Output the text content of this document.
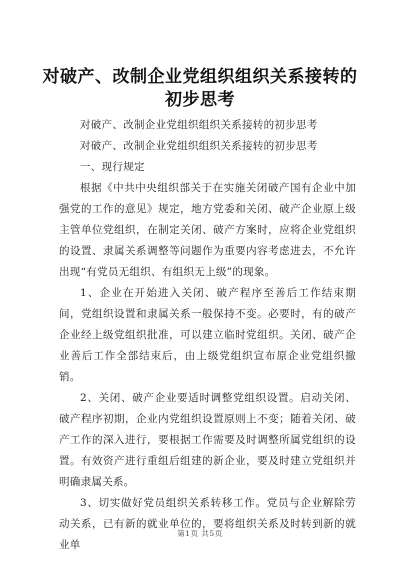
对破产、改制企业党组织组织关系接转的初步思考

对破产、改制企业党组织组织关系接转的初步思考

对破产、改制企业党组织组织关系接转的初步思考

一、现行规定

根据《中共中央组织部关于在实施关闭破产国有企业中加强党的工作的意见》规定，地方党委和关闭、破产企业原上级主管单位党组织，在制定关闭、破产方案时，应将企业党组织的设置、隶属关系调整等问题作为重要内容考虑进去，不允许出现“有党员无组织、有组织无上级”的现象。

1、企业在开始进入关闭、破产程序至善后工作结束期间，党组织设置和隶属关系一般保持不变。必要时，有的破产企业经上级党组织批准，可以建立临时党组织。关闭、破产企业善后工作全部结束后，由上级党组织宣布原企业党组织撤销。

2、关闭、破产企业要适时调整党组织设置。启动关闭、破产程序初期，企业内党组织设置原则上不变；随着关闭、破产工作的深入进行，要根据工作需要及时调整所属党组织的设置。有效资产进行重组后组建的新企业，要及时建立党组织并明确隶属关系。

3、切实做好党员组织关系转移工作。党员与企业解除劳动关系，已有新的就业单位的，要将组织关系及时转到新的就业单

第1页 共5页
